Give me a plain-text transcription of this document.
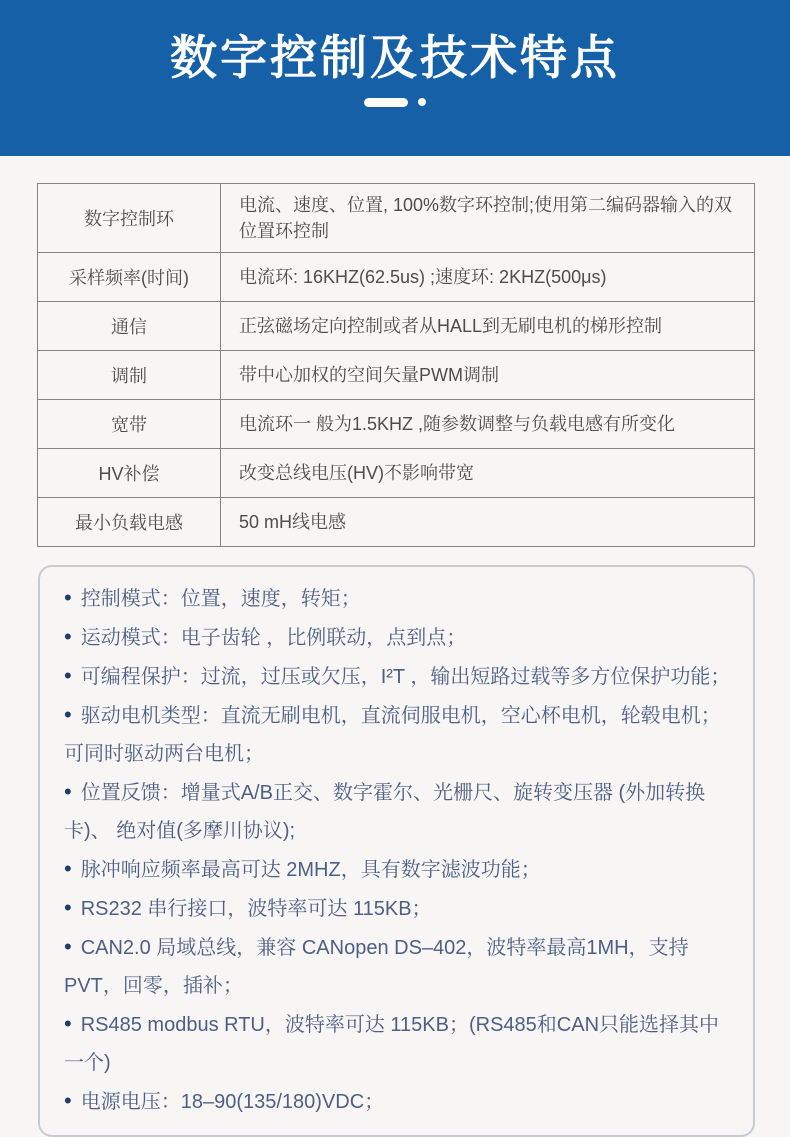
数字控制及技术特点
数字控制环	电流、速度、位置, 100%数字环控制;使用第二编码器输入的双位置环控制
采样频率(时间)	电流环: 16KHZ(62.5us) ;速度环: 2KHZ(500μs)
通信	正弦磁场定向控制或者从HALL到无刷电机的梯形控制
调制	带中心加权的空间矢量PWM调制
宽带	电流环一 般为1.5KHZ ,随参数调整与负载电感有所变化
HV补偿	改变总线电压(HV)不影响带宽
最小负载电感	50 mH线电感

• 控制模式：位置，速度，转矩；

• 运动模式：电子齿轮 ，比例联动，点到点；

• 可编程保护：过流，过压或欠压，I²T ，输出短路过载等多方位保护功能；

• 驱动电机类型：直流无刷电机，直流伺服电机，空心杯电机，轮毂电机；可同时驱动两台电机；

• 位置反馈：增量式A/B正交、数字霍尔、光栅尺、旋转变压器 (外加转换卡)、 绝对值(多摩川协议);

• 脉冲响应频率最高可达 2MHZ，具有数字滤波功能；

• RS232 串行接口，波特率可达 115KB；

• CAN2.0 局域总线，兼容 CANopen DS–402，波特率最高1MH，支持PVT，回零，插补；

• RS485 modbus RTU，波特率可达 115KB；(RS485和CAN只能选择其中一个)

• 电源电压：18–90(135/180)VDC；
